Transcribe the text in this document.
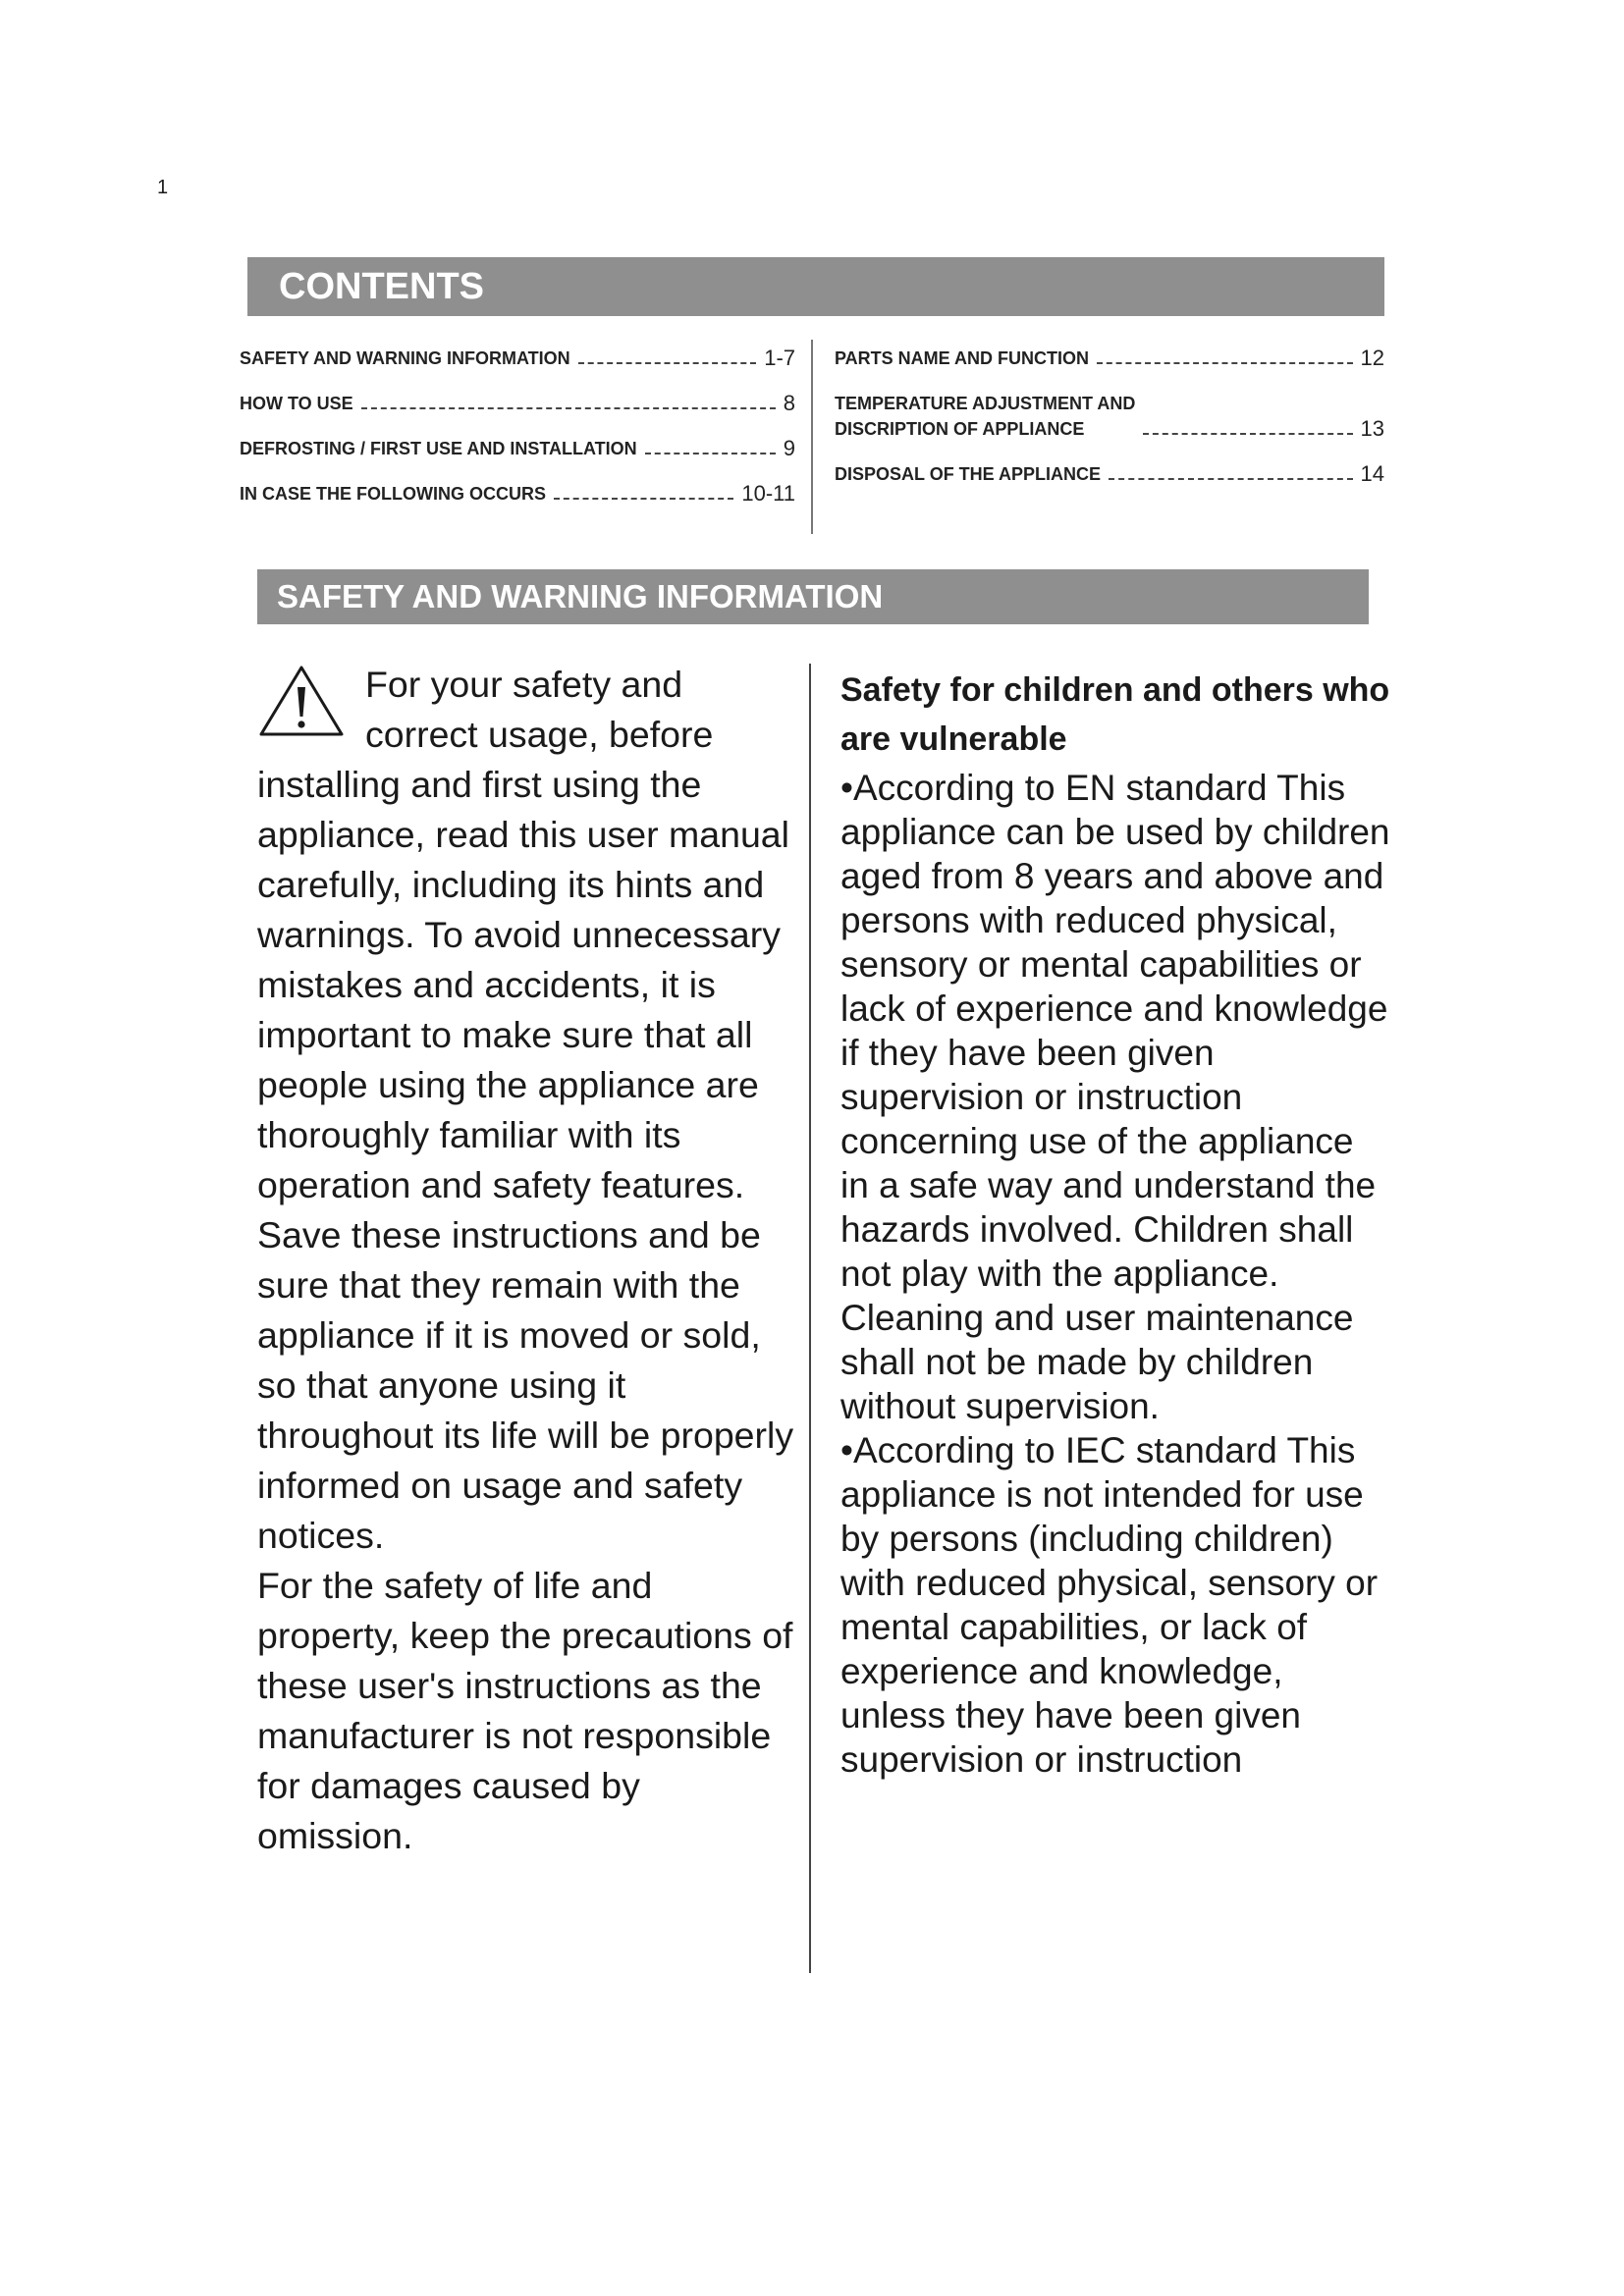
1
CONTENTS
SAFETY AND WARNING INFORMATION	1-7
HOW TO USE	8
DEFROSTING / FIRST USE AND INSTALLATION	9
IN CASE THE FOLLOWING OCCURS	10-11
PARTS NAME AND FUNCTION	12
TEMPERATURE ADJUSTMENT AND
DISCRIPTION OF APPLIANCE	13
DISPOSAL OF THE APPLIANCE	14
SAFETY AND WARNING INFORMATION

For your safety and correct usage, before installing and first using the appliance, read this user manual carefully, including its hints and warnings. To avoid unnecessary mistakes and accidents, it is important to make sure that all people using the appliance are thoroughly familiar with its operation and safety features. Save these instructions and be sure that they remain with the appliance if it is moved or sold, so that anyone using it throughout its life will be properly informed on usage and safety notices.

For the safety of life and property, keep the precautions of these user's instructions as the manufacturer is not responsible for damages caused by omission.

Safety for children and others who are vulnerable

•According to EN standard This appliance can be used by children aged from 8 years and above and persons with reduced physical, sensory or mental capabilities or lack of experience and knowledge if they have been given supervision or instruction concerning use of the appliance in a safe way and understand the hazards involved. Children shall not play with the appliance. Cleaning and user maintenance shall not be made by children without supervision.

•According to IEC standard This appliance is not intended for use by persons (including children) with reduced physical, sensory or mental capabilities, or lack of experience and knowledge, unless they have been given supervision or instruction
